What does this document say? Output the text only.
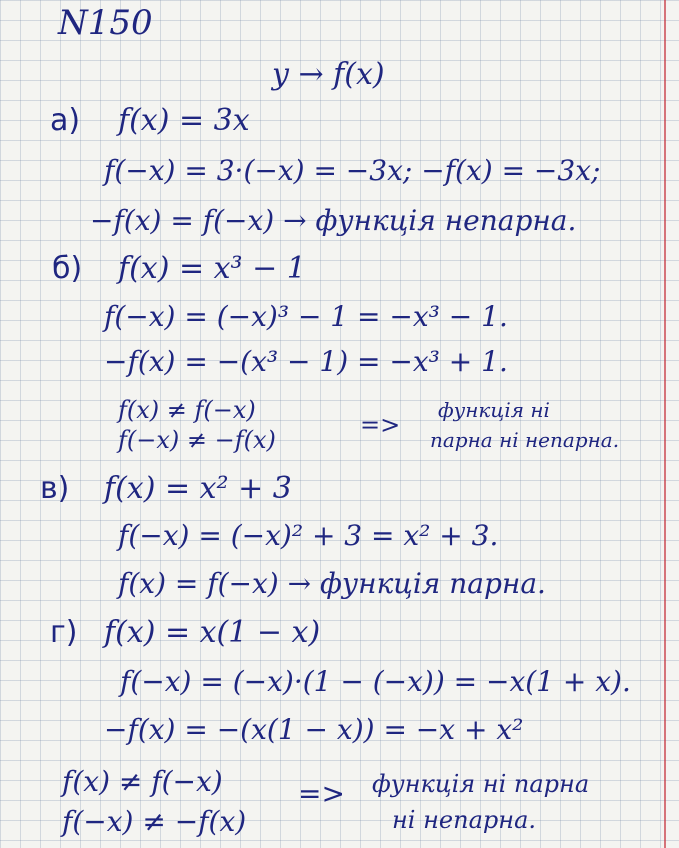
N150
y → f(x)
а) f(x) = 3x
f(−x) = 3·(−x) = −3x; −f(x) = −3x;
−f(x) = f(−x) → функція непарна.
б) f(x) = x³ − 1
f(−x) = (−x)³ − 1 = −x³ − 1.
−f(x) = −(x³ − 1) = −x³ + 1.
f(x) ≠ f(−x)
f(−x) ≠ −f(x)
=>
функція ні
парна ні непарна.
в) f(x) = x² + 3
f(−x) = (−x)² + 3 = x² + 3.
f(x) = f(−x) → функція парна.
г) f(x) = x(1 − x)
f(−x) = (−x)·(1 − (−x)) = −x(1 + x).
−f(x) = −(x(1 − x)) = −x + x²
f(x) ≠ f(−x)
f(−x) ≠ −f(x)
=> функція ні парна
ні непарна.
